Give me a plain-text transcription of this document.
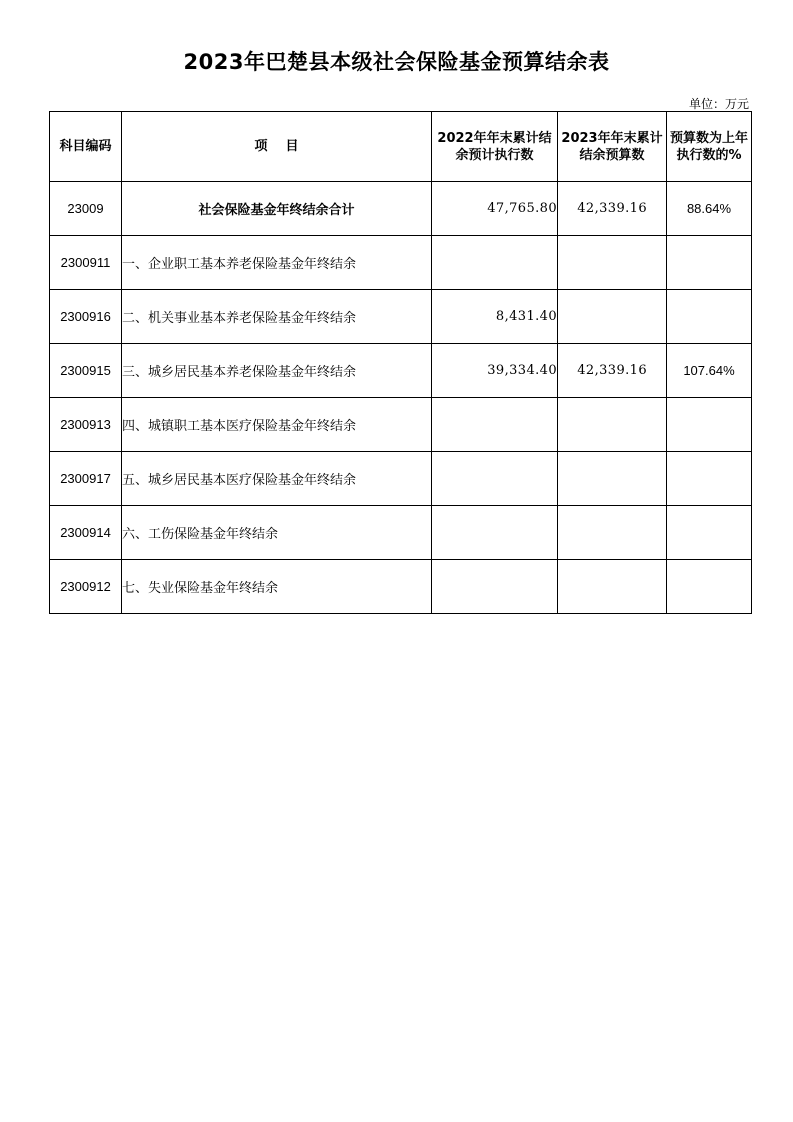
2023年巴楚县本级社会保险基金预算结余表
单位：万元
科目编码	项    目	2022年年末累计结余预计执行数	2023年年末累计结余预算数	预算数为上年执行数的%
23009	社会保险基金年终结余合计	47,765.80	42,339.16	88.64%
2300911	一、企业职工基本养老保险基金年终结余			
2300916	二、机关事业基本养老保险基金年终结余	8,431.40		
2300915	三、城乡居民基本养老保险基金年终结余	39,334.40	42,339.16	107.64%
2300913	四、城镇职工基本医疗保险基金年终结余			
2300917	五、城乡居民基本医疗保险基金年终结余			
2300914	六、工伤保险基金年终结余			
2300912	七、失业保险基金年终结余			
